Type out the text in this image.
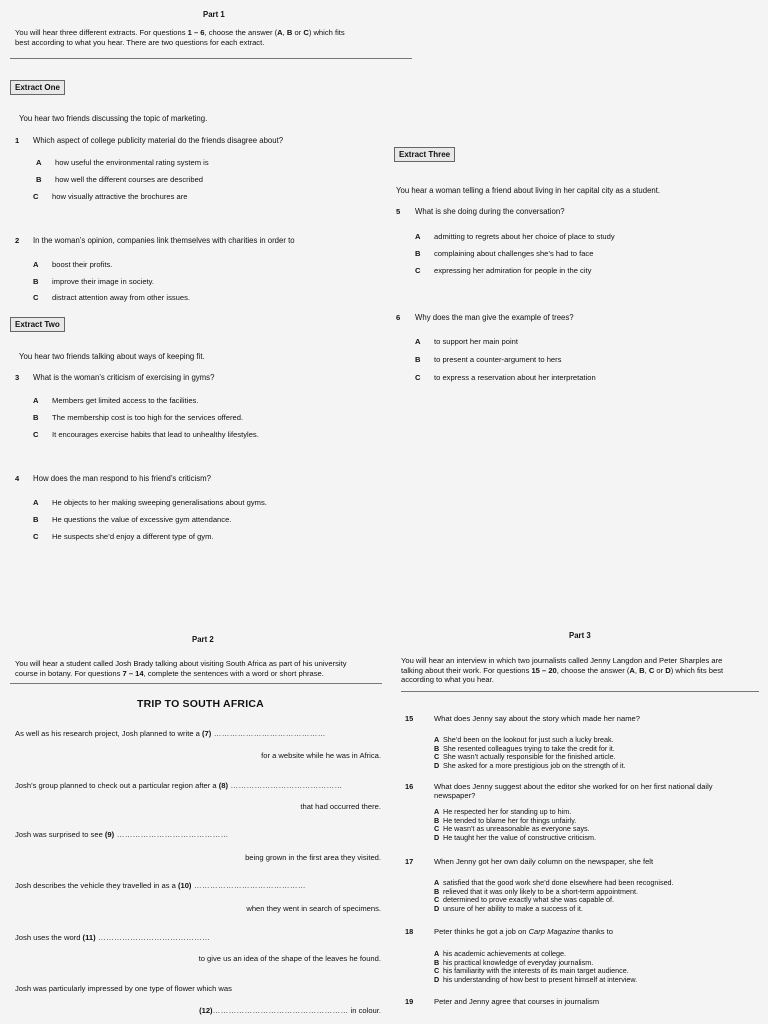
Part 1
You will hear three different extracts. For questions 1 – 6, choose the answer (A, B or C) which fits
best according to what you hear. There are two questions for each extract.
Extract One
You hear two friends discussing the topic of marketing.
1 Which aspect of college publicity material do the friends disagree about?
A how useful the environmental rating system is
B how well the different courses are described
C how visually attractive the brochures are
2 In the woman’s opinion, companies link themselves with charities in order to
A boost their profits.
B improve their image in society.
C distract attention away from other issues.
Extract Two
You hear two friends talking about ways of keeping fit.
3 What is the woman’s criticism of exercising in gyms?
A Members get limited access to the facilities.
B The membership cost is too high for the services offered.
C It encourages exercise habits that lead to unhealthy lifestyles.
4 How does the man respond to his friend’s criticism?
A He objects to her making sweeping generalisations about gyms.
B He questions the value of excessive gym attendance.
C He suspects she’d enjoy a different type of gym.
Extract Three
You hear a woman telling a friend about living in her capital city as a student.
5 What is she doing during the conversation?
A admitting to regrets about her choice of place to study
B complaining about challenges she’s had to face
C expressing her admiration for people in the city
6 Why does the man give the example of trees?
A to support her main point
B to present a counter-argument to hers
C to express a reservation about her interpretation
Part 2
You will hear a student called Josh Brady talking about visiting South Africa as part of his university
course in botany. For questions 7 – 14, complete the sentences with a word or short phrase.
TRIP TO SOUTH AFRICA
As well as his research project, Josh planned to write a (7) ……………………………………
for a website while he was in Africa.
Josh’s group planned to check out a particular region after a (8) ……………………………………
that had occurred there.
Josh was surprised to see (9) ……………………………………
being grown in the first area they visited.
Josh describes the vehicle they travelled in as a (10) ……………………………………
when they went in search of specimens.
Josh uses the word (11) ……………………………………
to give us an idea of the shape of the leaves he found.
Josh was particularly impressed by one type of flower which was
(12)…………………………………………… in colour.
Part 3
You will hear an interview in which two journalists called Jenny Langdon and Peter Sharples are
talking about their work. For questions 15 – 20, choose the answer (A, B, C or D) which fits best
according to what you hear.
15	What does Jenny say about the story which made her name?
A She’d been on the lookout for just such a lucky break.
B She resented colleagues trying to take the credit for it.
C She wasn’t actually responsible for the finished article.
D She asked for a more prestigious job on the strength of it.
16	What does Jenny suggest about the editor she worked for on her first national daily
newspaper?
A He respected her for standing up to him.
B He tended to blame her for things unfairly.
C He wasn’t as unreasonable as everyone says.
D He taught her the value of constructive criticism.
17	When Jenny got her own daily column on the newspaper, she felt
A satisfied that the good work she’d done elsewhere had been recognised.
B relieved that it was only likely to be a short-term appointment.
C determined to prove exactly what she was capable of.
D unsure of her ability to make a success of it.
18	Peter thinks he got a job on Carp Magazine thanks to
A his academic achievements at college.
B his practical knowledge of everyday journalism.
C his familiarity with the interests of its main target audience.
D his understanding of how best to present himself at interview.
19	Peter and Jenny agree that courses in journalism
